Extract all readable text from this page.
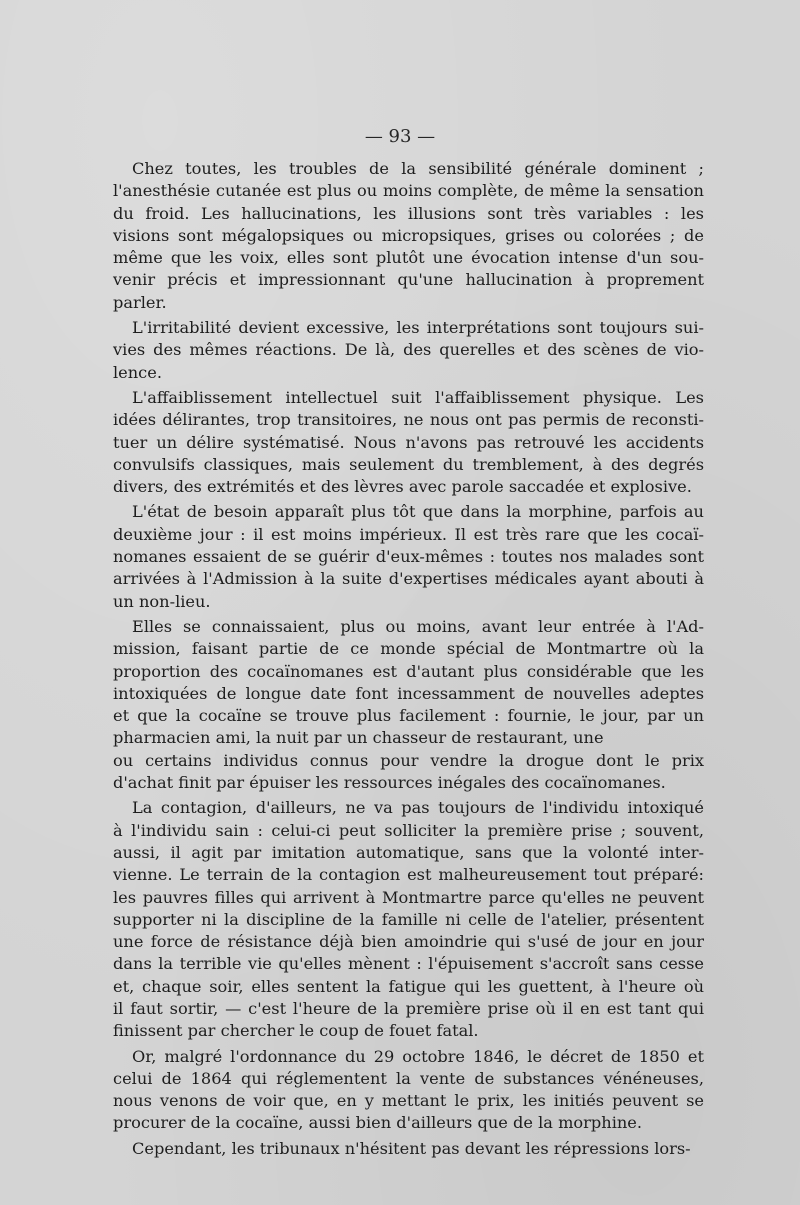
— 93 —
Chez toutes, les troubles de la sensibilité générale dominent ;
l'anesthésie cutanée est plus ou moins complète, de même la sensation
du froid. Les hallucinations, les illusions sont très variables : les
visions sont mégalopsiques ou micropsiques, grises ou colorées ; de
même que les voix, elles sont plutôt une évocation intense d'un sou-
venir précis et impressionnant qu'une hallucination à proprement
parler.
L'irritabilité devient excessive, les interprétations sont toujours sui-
vies des mêmes réactions. De là, des querelles et des scènes de vio-
lence.
L'affaiblissement intellectuel suit l'affaiblissement physique. Les
idées délirantes, trop transitoires, ne nous ont pas permis de reconsti-
tuer un délire systématisé. Nous n'avons pas retrouvé les accidents
convulsifs classiques, mais seulement du tremblement, à des degrés
divers, des extrémités et des lèvres avec parole saccadée et explosive.
L'état de besoin apparaît plus tôt que dans la morphine, parfois au
deuxième jour : il est moins impérieux. Il est très rare que les cocaï-
nomanes essaient de se guérir d'eux-mêmes : toutes nos malades sont
arrivées à l'Admission à la suite d'expertises médicales ayant abouti à
un non-lieu.
Elles se connaissaient, plus ou moins, avant leur entrée à l'Ad-
mission, faisant partie de ce monde spécial de Montmartre où la
proportion des cocaïnomanes est d'autant plus considérable que les
intoxiquées de longue date font incessamment de nouvelles adeptes
et que la cocaïne se trouve plus facilement : fournie, le jour, par un
pharmacien ami, la nuit par un chasseur de restaurant, une
ou certains individus connus pour vendre la drogue dont le prix
d'achat finit par épuiser les ressources inégales des cocaïnomanes.
La contagion, d'ailleurs, ne va pas toujours de l'individu intoxiqué
à l'individu sain : celui-ci peut solliciter la première prise ; souvent,
aussi, il agit par imitation automatique, sans que la volonté inter-
vienne. Le terrain de la contagion est malheureusement tout préparé:
les pauvres filles qui arrivent à Montmartre parce qu'elles ne peuvent
supporter ni la discipline de la famille ni celle de l'atelier, présentent
une force de résistance déjà bien amoindrie qui s'usé de jour en jour
dans la terrible vie qu'elles mènent : l'épuisement s'accroît sans cesse
et, chaque soir, elles sentent la fatigue qui les guettent, à l'heure où
il faut sortir, — c'est l'heure de la première prise où il en est tant qui
finissent par chercher le coup de fouet fatal.
Or, malgré l'ordonnance du 29 octobre 1846, le décret de 1850 et
celui de 1864 qui réglementent la vente de substances vénéneuses,
nous venons de voir que, en y mettant le prix, les initiés peuvent se
procurer de la cocaïne, aussi bien d'ailleurs que de la morphine.
Cependant, les tribunaux n'hésitent pas devant les répressions lors-
